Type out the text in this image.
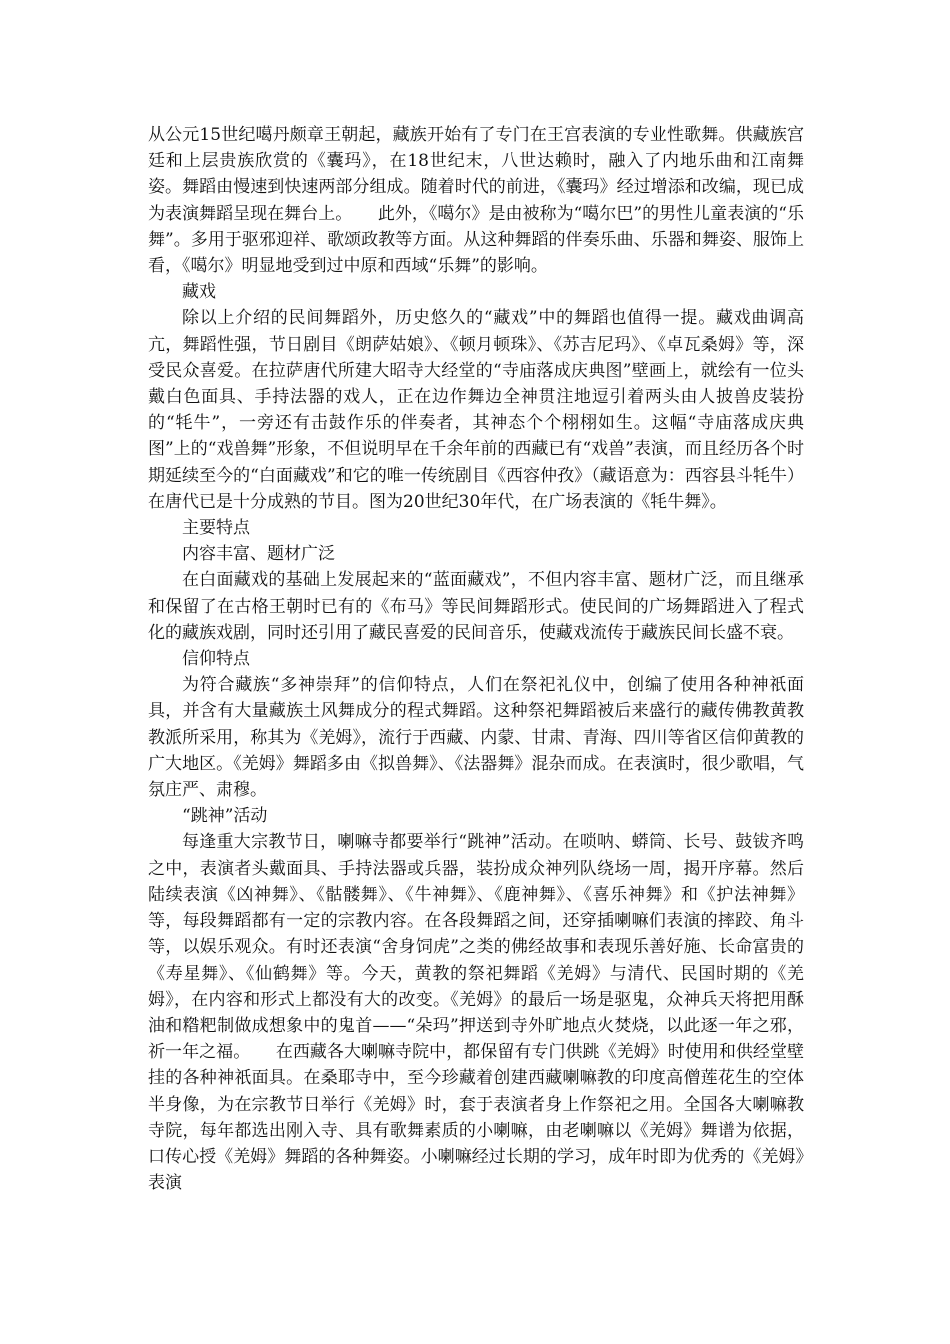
从公元15世纪噶丹颇章王朝起，藏族开始有了专门在王宫表演的专业性歌舞。供藏族宫廷和上层贵族欣赏的《囊玛》，在18世纪末，八世达赖时，融入了内地乐曲和江南舞姿。舞蹈由慢速到快速两部分组成。随着时代的前进，《囊玛》经过增添和改编，现已成为表演舞蹈呈现在舞台上。　　此外，《噶尔》是由被称为“噶尔巴”的男性儿童表演的“乐舞”。多用于驱邪迎祥、歌颂政教等方面。从这种舞蹈的伴奏乐曲、乐器和舞姿、服饰上看，《噶尔》明显地受到过中原和西域“乐舞”的影响。

藏戏

除以上介绍的民间舞蹈外，历史悠久的“藏戏”中的舞蹈也值得一提。藏戏曲调高亢，舞蹈性强，节日剧目《朗萨姑娘》、《顿月顿珠》、《苏吉尼玛》、《卓瓦桑姆》等，深受民众喜爱。在拉萨唐代所建大昭寺大经堂的“寺庙落成庆典图”壁画上，就绘有一位头戴白色面具、手持法器的戏人，正在边作舞边全神贯注地逗引着两头由人披兽皮装扮的“牦牛”，一旁还有击鼓作乐的伴奏者，其神态个个栩栩如生。这幅“寺庙落成庆典图”上的“戏兽舞”形象，不但说明早在千余年前的西藏已有“戏兽”表演，而且经历各个时期延续至今的“白面藏戏”和它的唯一传统剧目《西容仲孜》（藏语意为：西容县斗牦牛）在唐代已是十分成熟的节目。图为20世纪30年代，在广场表演的《牦牛舞》。

主要特点

内容丰富、题材广泛

在白面藏戏的基础上发展起来的“蓝面藏戏”，不但内容丰富、题材广泛，而且继承和保留了在古格王朝时已有的《布马》等民间舞蹈形式。使民间的广场舞蹈进入了程式化的藏族戏剧，同时还引用了藏民喜爱的民间音乐，使藏戏流传于藏族民间长盛不衰。

信仰特点

为符合藏族“多神崇拜”的信仰特点，人们在祭祀礼仪中，创编了使用各种神祇面具，并含有大量藏族土风舞成分的程式舞蹈。这种祭祀舞蹈被后来盛行的藏传佛教黄教教派所采用，称其为《羌姆》，流行于西藏、内蒙、甘肃、青海、四川等省区信仰黄教的广大地区。《羌姆》舞蹈多由《拟兽舞》、《法器舞》混杂而成。在表演时，很少歌唱，气氛庄严、肃穆。

“跳神”活动

每逢重大宗教节日，喇嘛寺都要举行“跳神”活动。在唢呐、蟒筒、长号、鼓钹齐鸣之中，表演者头戴面具、手持法器或兵器，装扮成众神列队绕场一周，揭开序幕。然后陆续表演《凶神舞》、《骷髅舞》、《牛神舞》、《鹿神舞》、《喜乐神舞》和《护法神舞》等，每段舞蹈都有一定的宗教内容。在各段舞蹈之间，还穿插喇嘛们表演的摔跤、角斗等，以娱乐观众。有时还表演“舍身饲虎”之类的佛经故事和表现乐善好施、长命富贵的《寿星舞》、《仙鹤舞》等。今天，黄教的祭祀舞蹈《羌姆》与清代、民国时期的《羌姆》，在内容和形式上都没有大的改变。《羌姆》的最后一场是驱鬼，众神兵天将把用酥油和糌粑制做成想象中的鬼首——“朵玛”押送到寺外旷地点火焚烧，以此逐一年之邪，祈一年之福。　　在西藏各大喇嘛寺院中，都保留有专门供跳《羌姆》时使用和供经堂壁挂的各种神祇面具。在桑耶寺中，至今珍藏着创建西藏喇嘛教的印度高僧莲花生的空体半身像，为在宗教节日举行《羌姆》时，套于表演者身上作祭祀之用。全国各大喇嘛教寺院，每年都选出刚入寺、具有歌舞素质的小喇嘛，由老喇嘛以《羌姆》舞谱为依据，口传心授《羌姆》舞蹈的各种舞姿。小喇嘛经过长期的学习，成年时即为优秀的《羌姆》表演
